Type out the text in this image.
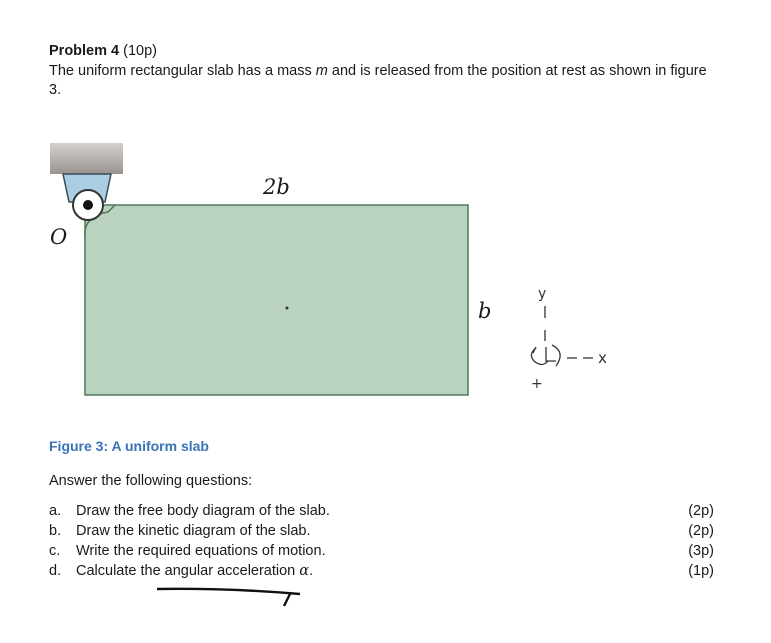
Problem 4 (10p)
The uniform rectangular slab has a mass m and is released from the position at rest as shown in figure 3.
O
2b
b
y
x
+
Figure 3: A uniform slab
Answer the following questions:
a. Draw the free body diagram of the slab.	(2p)
b. Draw the kinetic diagram of the slab.	(2p)
c. Write the required equations of motion.	(3p)
d. Calculate the angular acceleration α.	(1p)
